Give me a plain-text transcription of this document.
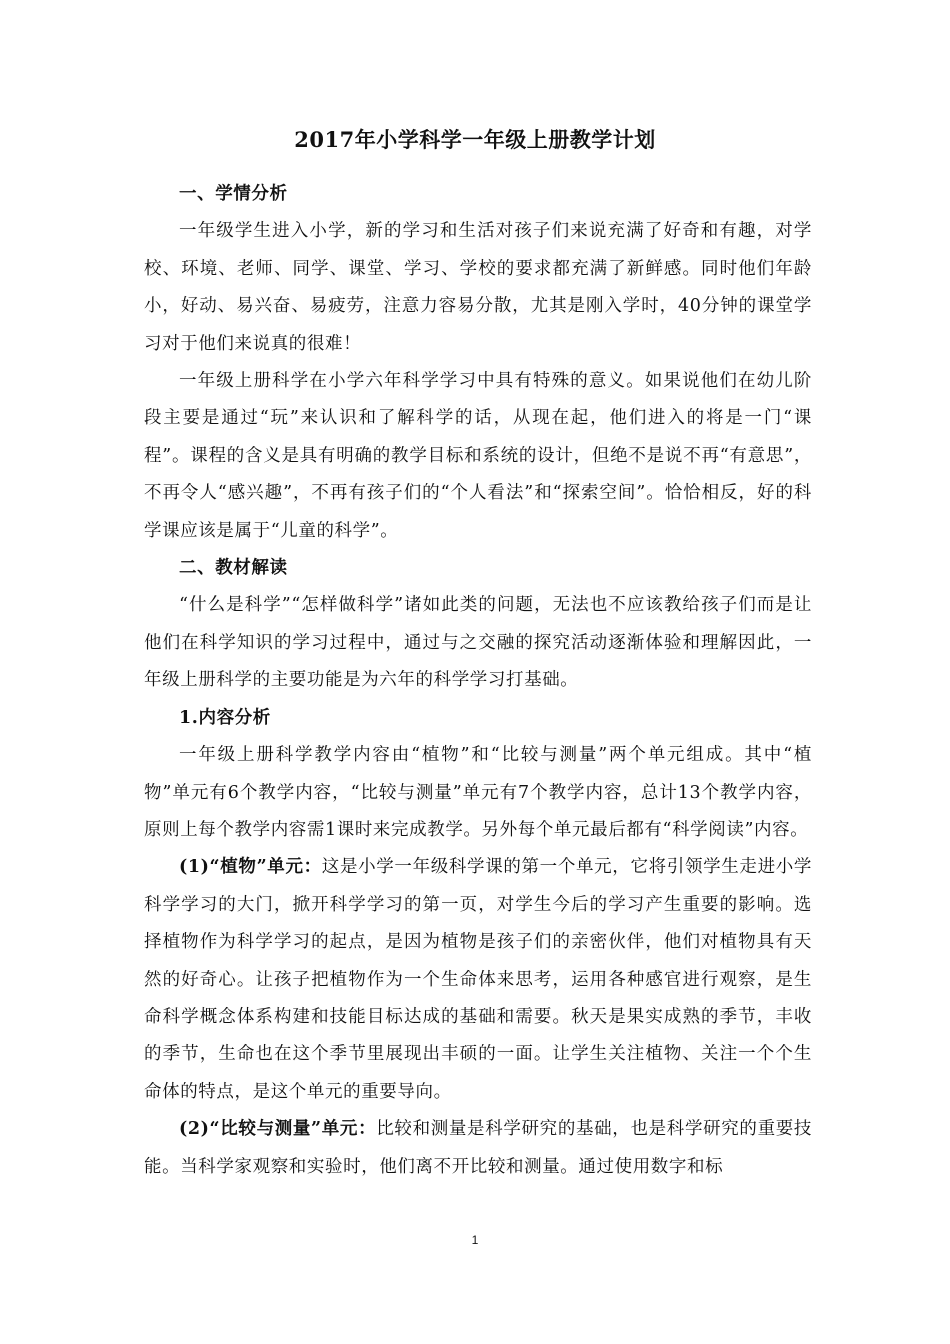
2017年小学科学一年级上册教学计划

一、学情分析

一年级学生进入小学，新的学习和生活对孩子们来说充满了好奇和有趣，对学校、环境、老师、同学、课堂、学习、学校的要求都充满了新鲜感。同时他们年龄小，好动、易兴奋、易疲劳，注意力容易分散，尤其是刚入学时，40分钟的课堂学习对于他们来说真的很难！

一年级上册科学在小学六年科学学习中具有特殊的意义。如果说他们在幼儿阶段主要是通过“玩”来认识和了解科学的话，从现在起，他们进入的将是一门“课程”。课程的含义是具有明确的教学目标和系统的设计，但绝不是说不再“有意思”，不再令人“感兴趣”，不再有孩子们的“个人看法”和“探索空间”。恰恰相反，好的科学课应该是属于“儿童的科学”。

二、教材解读

“什么是科学”“怎样做科学”诸如此类的问题，无法也不应该教给孩子们而是让他们在科学知识的学习过程中，通过与之交融的探究活动逐渐体验和理解因此，一年级上册科学的主要功能是为六年的科学学习打基础。

1.内容分析

一年级上册科学教学内容由“植物”和“比较与测量”两个单元组成。其中“植物”单元有6个教学内容，“比较与测量”单元有7个教学内容，总计13个教学内容，原则上每个教学内容需1课时来完成教学。另外每个单元最后都有“科学阅读”内容。

(1)“植物”单元：这是小学一年级科学课的第一个单元，它将引领学生走进小学科学学习的大门，掀开科学学习的第一页，对学生今后的学习产生重要的影响。选择植物作为科学学习的起点，是因为植物是孩子们的亲密伙伴，他们对植物具有天然的好奇心。让孩子把植物作为一个生命体来思考，运用各种感官进行观察，是生命科学概念体系构建和技能目标达成的基础和需要。秋天是果实成熟的季节，丰收的季节，生命也在这个季节里展现出丰硕的一面。让学生关注植物、关注一个个生命体的特点，是这个单元的重要导向。

(2)“比较与测量”单元：比较和测量是科学研究的基础，也是科学研究的重要技能。当科学家观察和实验时，他们离不开比较和测量。通过使用数字和标

1
